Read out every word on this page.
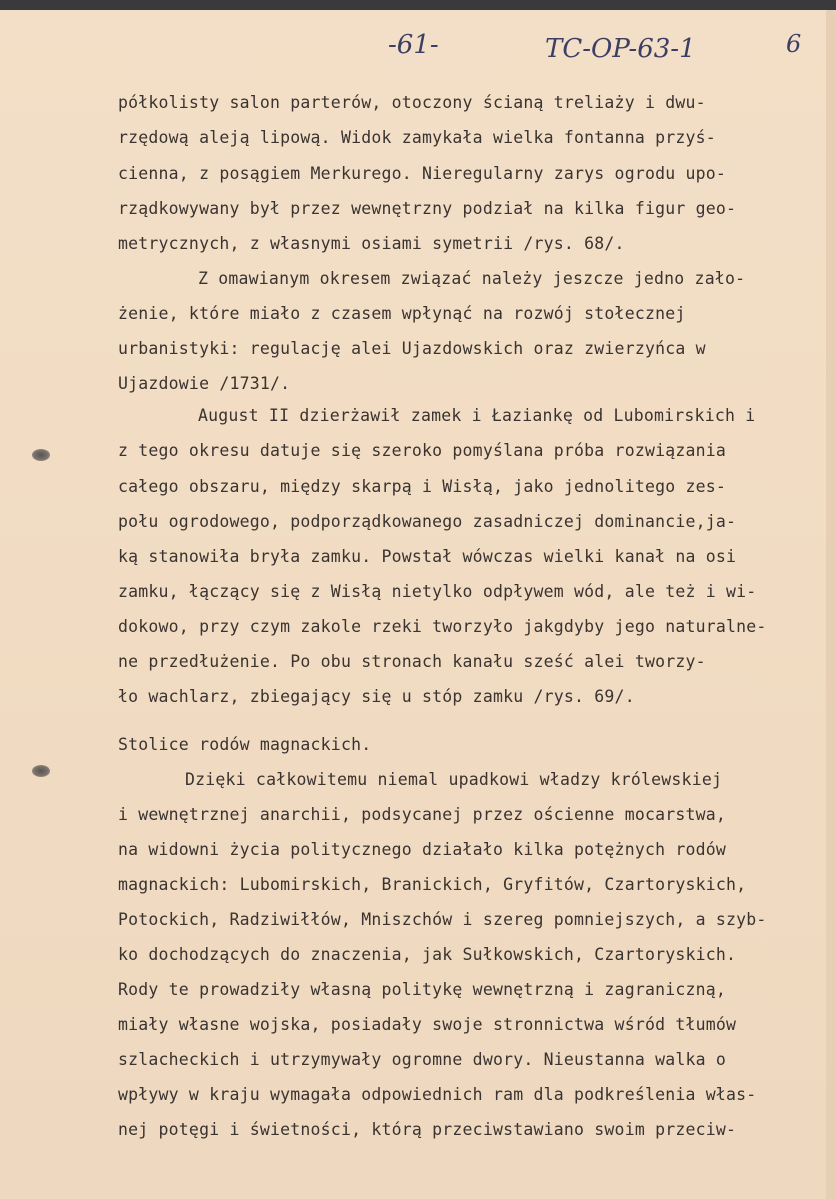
-61-	TC-OP-63-1	6
półkolisty salon parterów, otoczony ścianą treliaży i dwu-
rzędową aleją lipową. Widok zamykała wielka fontanna przyś-
cienna, z posągiem Merkurego. Nieregularny zarys ogrodu upo-
rządkowywany był przez wewnętrzny podział na kilka figur geo-
metrycznych, z własnymi osiami symetrii /rys. 68/.
Z omawianym okresem związać należy jeszcze jedno zało-
żenie, które miało z czasem wpłynąć na rozwój stołecznej
urbanistyki: regulację alei Ujazdowskich oraz zwierzyńca w
Ujazdowie /1731/.
August II dzierżawił zamek i Łaziankę od Lubomirskich i
z tego okresu datuje się szeroko pomyślana próba rozwiązania
całego obszaru, między skarpą i Wisłą, jako jednolitego zes-
połu ogrodowego, podporządkowanego zasadniczej dominancie,ja-
ką stanowiła bryła zamku. Powstał wówczas wielki kanał na osi
zamku, łączący się z Wisłą nietylko odpływem wód, ale też i wi-
dokowo, przy czym zakole rzeki tworzyło jakgdyby jego naturalne-
ne przedłużenie. Po obu stronach kanału sześć alei tworzy-
ło wachlarz, zbiegający się u stóp zamku /rys. 69/.
Stolice rodów magnackich.
Dzięki całkowitemu niemal upadkowi władzy królewskiej
i wewnętrznej anarchii, podsycanej przez ościenne mocarstwa,
na widowni życia politycznego działało kilka potężnych rodów
magnackich: Lubomirskich, Branickich, Gryfitów, Czartoryskich,
Potockich, Radziwiłłów, Mniszchów i szereg pomniejszych, a szyb-
ko dochodzących do znaczenia, jak Sułkowskich, Czartoryskich.
Rody te prowadziły własną politykę wewnętrzną i zagraniczną,
miały własne wojska, posiadały swoje stronnictwa wśród tłumów
szlacheckich i utrzymywały ogromne dwory. Nieustanna walka o
wpływy w kraju wymagała odpowiednich ram dla podkreślenia włas-
nej potęgi i świetności, którą przeciwstawiano swoim przeciw-
